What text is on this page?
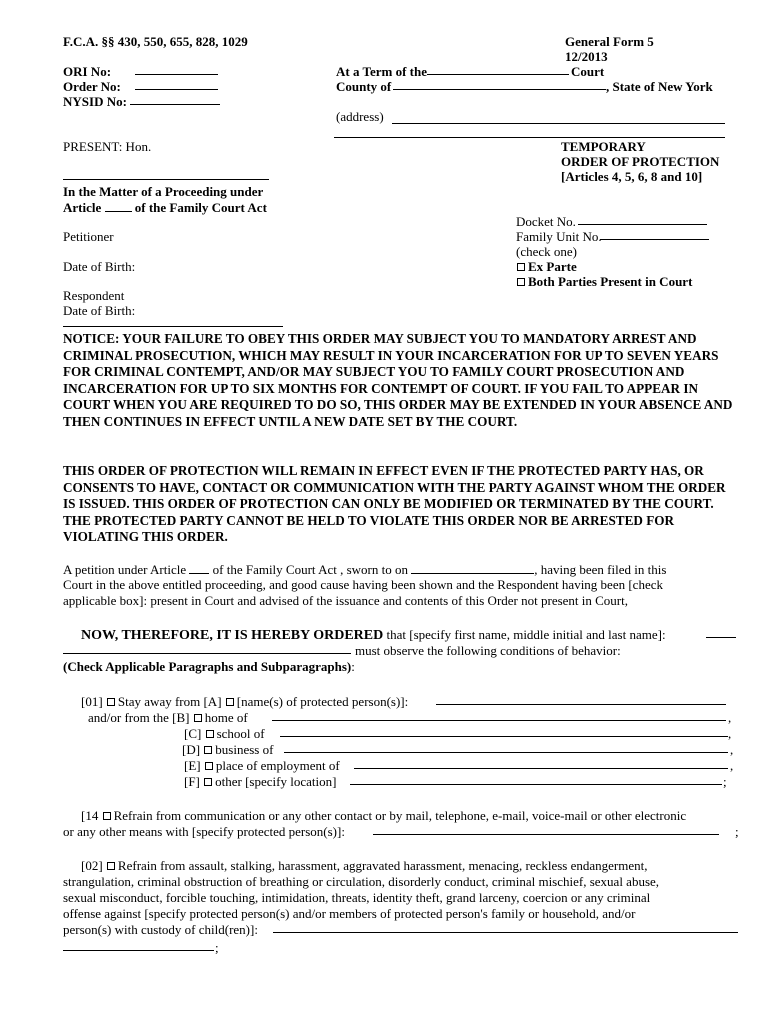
F.C.A. §§ 430, 550, 655, 828, 1029	General Form 5
12/2013
ORI No:
Order No:
NYSID No:
At a Term of the	Court
County of	, State of New York
(address)
PRESENT: Hon.	TEMPORARY
ORDER OF PROTECTION
[Articles 4, 5, 6, 8 and 10]
In the Matter of a Proceeding under
Article	of the Family Court Act
Docket No.
Family Unit No.
(check one)
Ex Parte
Both Parties Present in Court
Petitioner
Date of Birth:
Respondent
Date of Birth:
NOTICE: YOUR FAILURE TO OBEY THIS ORDER MAY SUBJECT YOU TO MANDATORY ARREST AND CRIMINAL PROSECUTION, WHICH MAY RESULT IN YOUR INCARCERATION FOR UP TO SEVEN YEARS FOR CRIMINAL CONTEMPT, AND/OR MAY SUBJECT YOU TO FAMILY COURT PROSECUTION AND INCARCERATION FOR UP TO SIX MONTHS FOR CONTEMPT OF COURT. IF YOU FAIL TO APPEAR IN COURT WHEN YOU ARE REQUIRED TO DO SO, THIS ORDER MAY BE EXTENDED IN YOUR ABSENCE AND THEN CONTINUES IN EFFECT UNTIL A NEW DATE SET BY THE COURT.
THIS ORDER OF PROTECTION WILL REMAIN IN EFFECT EVEN IF THE PROTECTED PARTY HAS, OR CONSENTS TO HAVE, CONTACT OR COMMUNICATION WITH THE PARTY AGAINST WHOM THE ORDER IS ISSUED. THIS ORDER OF PROTECTION CAN ONLY BE MODIFIED OR TERMINATED BY THE COURT. THE PROTECTED PARTY CANNOT BE HELD TO VIOLATE THIS ORDER NOR BE ARRESTED FOR VIOLATING THIS ORDER.
A petition under Article of the Family Court Act , sworn to on	, having been filed in this
Court in the above entitled proceeding, and good cause having been shown and the Respondent having been [check
applicable box]: present in Court and advised of the issuance and contents of this Order not present in Court,
NOW, THEREFORE, IT IS HEREBY ORDERED that [specify first name, middle initial and last name]:
must observe the following conditions of behavior:
(Check Applicable Paragraphs and Subparagraphs):
[01] Stay away from [A] [name(s) of protected person(s)]:
and/or from the [B] home of	,
[C] school of	,
[D] business of	,
[E] place of employment of	,
[F] other [specify location]	;
[14 Refrain from communication or any other contact or by mail, telephone, e-mail, voice-mail or other electronic
or any other means with [specify protected person(s)]:	;
[02] Refrain from assault, stalking, harassment, aggravated harassment, menacing, reckless endangerment,
strangulation, criminal obstruction of breathing or circulation, disorderly conduct, criminal mischief, sexual abuse,
sexual misconduct, forcible touching, intimidation, threats, identity theft, grand larceny, coercion or any criminal
offense against [specify protected person(s) and/or members of protected person's family or household, and/or
person(s) with custody of child(ren)]:
;
